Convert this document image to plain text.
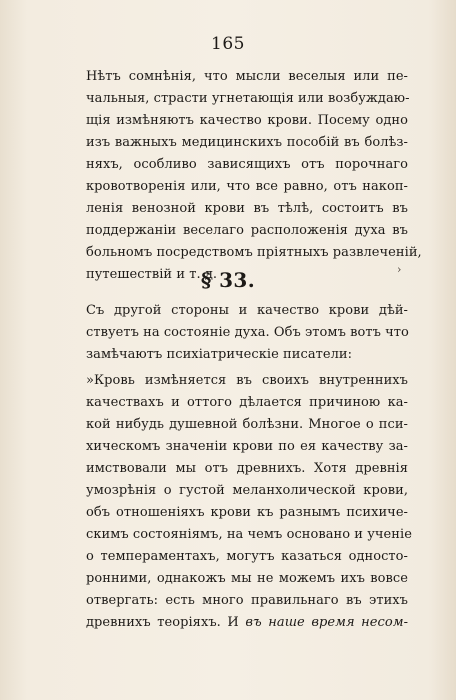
165
Нѣтъ сомнѣнія, что мысли веселыя или пе-
чальныя, страсти угнетающія или возбуждаю-
щія измѣняютъ качество крови. Посему одно
изъ важныхъ медицинскихъ пособій въ болѣз-
няхъ, особливо зависящихъ отъ порочнаго
кровотворенія или, что все равно, отъ накоп-
ленія венозной крови въ тѣлѣ, состоитъ въ
поддержаніи веселаго расположенія духа въ
больномъ посредствомъ пріятныхъ развлеченій,
путешествій и т. д.
§ 33.	›
Съ другой стороны и качество крови дѣй-
ствуетъ на состояніе духа. Объ этомъ вотъ что
замѣчаютъ психіатрическіе писатели:
»Кровь измѣняется въ своихъ внутреннихъ
качествахъ и оттого дѣлается причиною ка-
кой нибудь душевной болѣзни. Многое о пси-
хическомъ значеніи крови по ея качеству за-
имствовали мы отъ древнихъ. Хотя древнія
умозрѣнія о густой меланхолической крови,
объ отношеніяхъ крови къ разнымъ психиче-
скимъ состояніямъ, на чемъ основано и ученіе
о темпераментахъ, могутъ казаться односто-
ронними, однакожъ мы не можемъ ихъ вовсе
отвергать: есть много правильнаго въ этихъ
древнихъ теоріяхъ. И въ наше время несом-
